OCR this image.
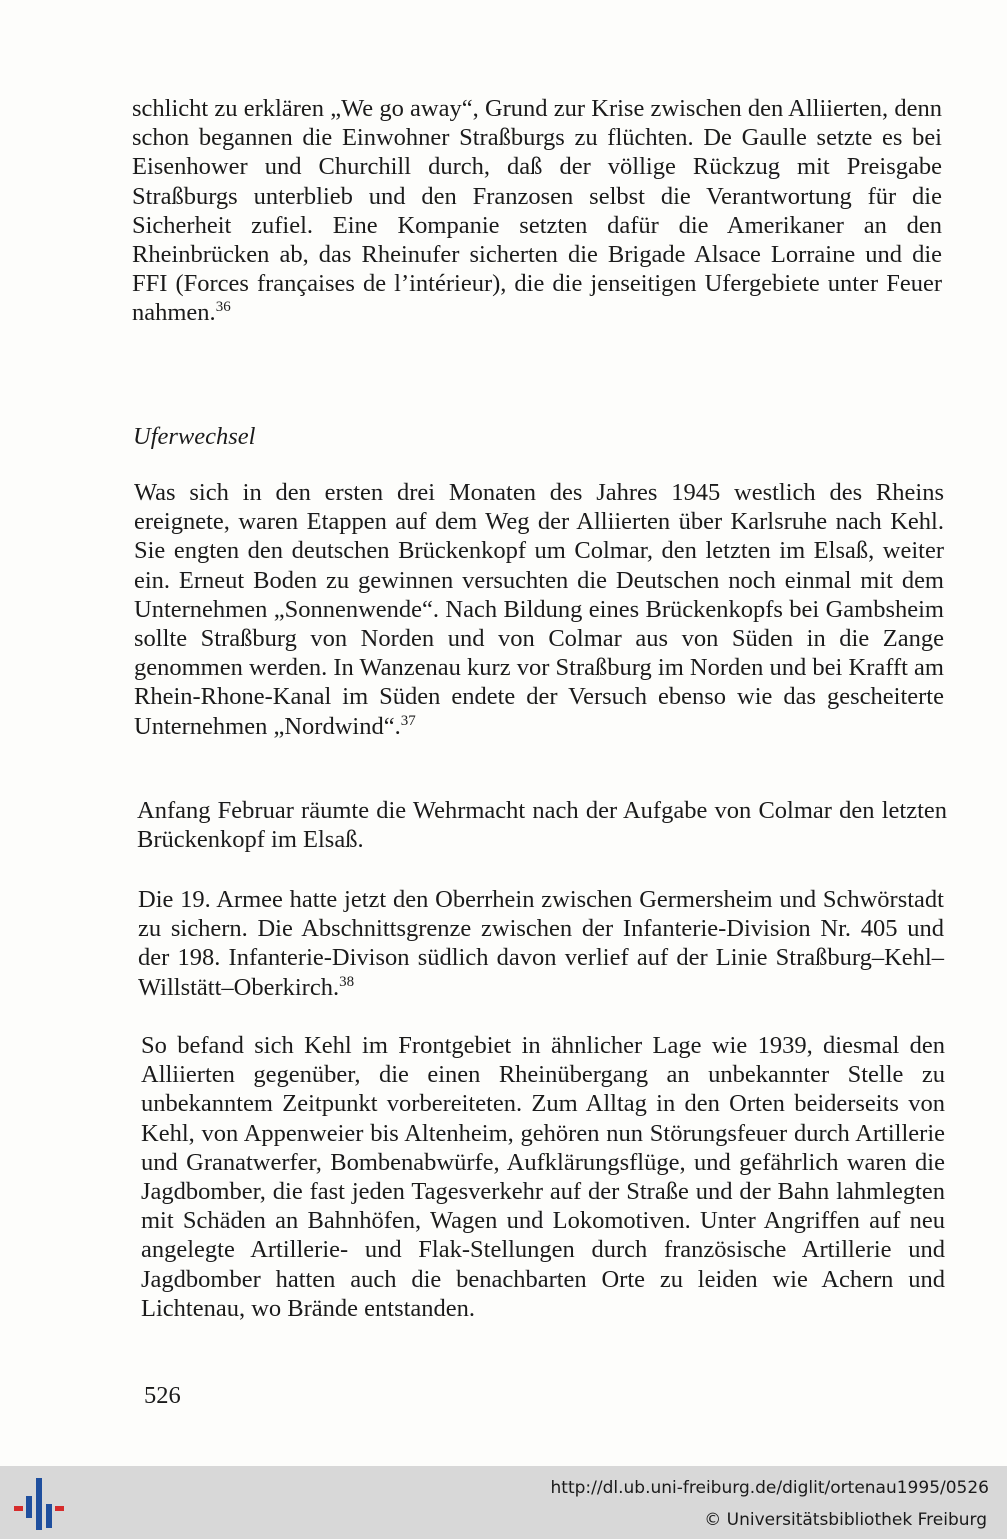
schlicht zu erklären „We go away“, Grund zur Krise zwischen den Alliierten, denn schon begannen die Einwohner Straßburgs zu flüchten. De Gaulle setzte es bei Eisenhower und Churchill durch, daß der völlige Rückzug mit Preisgabe Straßburgs unterblieb und den Franzosen selbst die Verantwortung für die Sicherheit zufiel. Eine Kompanie setzten dafür die Amerikaner an den Rheinbrücken ab, das Rheinufer sicherten die Brigade Alsace Lorraine und die FFI (Forces françaises de l’intérieur), die die jenseitigen Ufergebiete unter Feuer nahmen.$^{36}$

Uferwechsel

Was sich in den ersten drei Monaten des Jahres 1945 westlich des Rheins ereignete, waren Etappen auf dem Weg der Alliierten über Karlsruhe nach Kehl. Sie engten den deutschen Brückenkopf um Colmar, den letzten im Elsaß, weiter ein. Erneut Boden zu gewinnen versuchten die Deutschen noch einmal mit dem Unternehmen „Sonnenwende“. Nach Bildung eines Brückenkopfs bei Gambsheim sollte Straßburg von Norden und von Colmar aus von Süden in die Zange genommen werden. In Wanzenau kurz vor Straßburg im Norden und bei Krafft am Rhein-Rhone-Kanal im Süden endete der Versuch ebenso wie das gescheiterte Unternehmen „Nordwind“.$^{37}$

Anfang Februar räumte die Wehrmacht nach der Aufgabe von Colmar den letzten Brückenkopf im Elsaß.

Die 19. Armee hatte jetzt den Oberrhein zwischen Germersheim und Schwörstadt zu sichern. Die Abschnittsgrenze zwischen der Infanterie-Division Nr. 405 und der 198. Infanterie-Divison südlich davon verlief auf der Linie Straßburg–Kehl–Willstätt–Oberkirch.$^{38}$

So befand sich Kehl im Frontgebiet in ähnlicher Lage wie 1939, diesmal den Alliierten gegenüber, die einen Rheinübergang an unbekannter Stelle zu unbekanntem Zeitpunkt vorbereiteten. Zum Alltag in den Orten beiderseits von Kehl, von Appenweier bis Altenheim, gehören nun Störungsfeuer durch Artillerie und Granatwerfer, Bombenabwürfe, Aufklärungsflüge, und gefährlich waren die Jagdbomber, die fast jeden Tagesverkehr auf der Straße und der Bahn lahmlegten mit Schäden an Bahnhöfen, Wagen und Lokomotiven. Unter Angriffen auf neu angelegte Artillerie- und Flak-Stellungen durch französische Artillerie und Jagdbomber hatten auch die benachbarten Orte zu leiden wie Achern und Lichtenau, wo Brände entstanden.

526
http://dl.ub.uni-freiburg.de/diglit/ortenau1995/0526
© Universitätsbibliothek Freiburg
